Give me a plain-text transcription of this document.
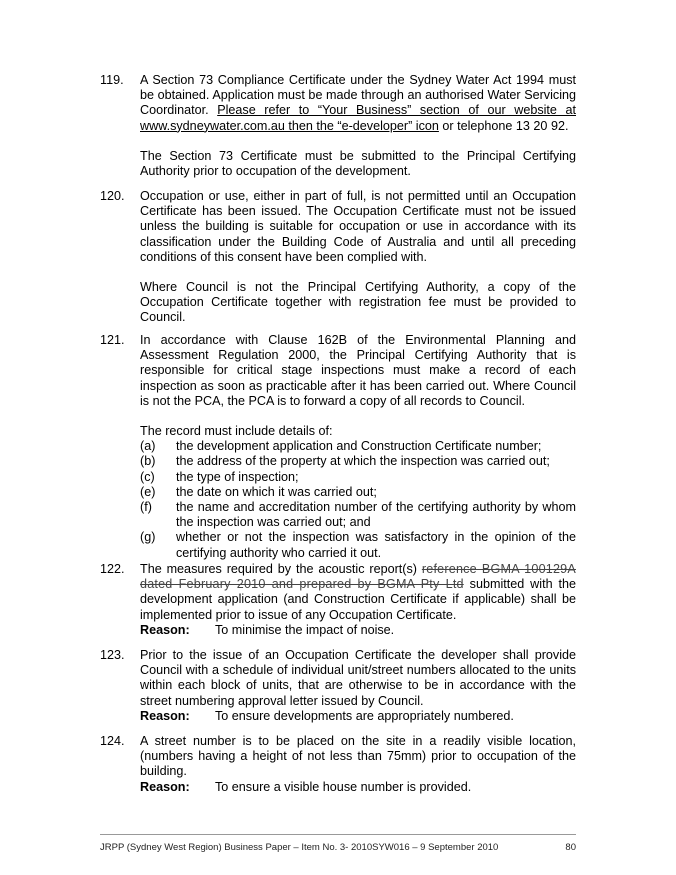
119.	A Section 73 Compliance Certificate under the Sydney Water Act 1994 must be obtained. Application must be made through an authorised Water Servicing Coordinator. Please refer to “Your Business” section of our website at www.sydneywater.com.au then the “e-developer” icon or telephone 13 20 92.

The Section 73 Certificate must be submitted to the Principal Certifying Authority prior to occupation of the development.

120.	Occupation or use, either in part of full, is not permitted until an Occupation Certificate has been issued. The Occupation Certificate must not be issued unless the building is suitable for occupation or use in accordance with its classification under the Building Code of Australia and until all preceding conditions of this consent have been complied with.

Where Council is not the Principal Certifying Authority, a copy of the Occupation Certificate together with registration fee must be provided to Council.

121.	In accordance with Clause 162B of the Environmental Planning and Assessment Regulation 2000, the Principal Certifying Authority that is responsible for critical stage inspections must make a record of each inspection as soon as practicable after it has been carried out. Where Council is not the PCA, the PCA is to forward a copy of all records to Council.

The record must include details of:

(a) the development application and Construction Certificate number;
(b) the address of the property at which the inspection was carried out;
(c) the type of inspection;
(e) the date on which it was carried out;
(f) the name and accreditation number of the certifying authority by whom the inspection was carried out; and
(g) whether or not the inspection was satisfactory in the opinion of the certifying authority who carried it out.
122.	The measures required by the acoustic report(s) reference BGMA 100129A dated February 2010 and prepared by BGMA Pty Ltd submitted with the development application (and Construction Certificate if applicable) shall be implemented prior to issue of any Occupation Certificate.

Reason:	To minimise the impact of noise.
123.	Prior to the issue of an Occupation Certificate the developer shall provide Council with a schedule of individual unit/street numbers allocated to the units within each block of units, that are otherwise to be in accordance with the street numbering approval letter issued by Council.

Reason:	To ensure developments are appropriately numbered.
124.	A street number is to be placed on the site in a readily visible location, (numbers having a height of not less than 75mm) prior to occupation of the building.

Reason:	To ensure a visible house number is provided.
JRPP (Sydney West Region) Business Paper – Item No. 3- 2010SYW016 – 9 September 2010	80
